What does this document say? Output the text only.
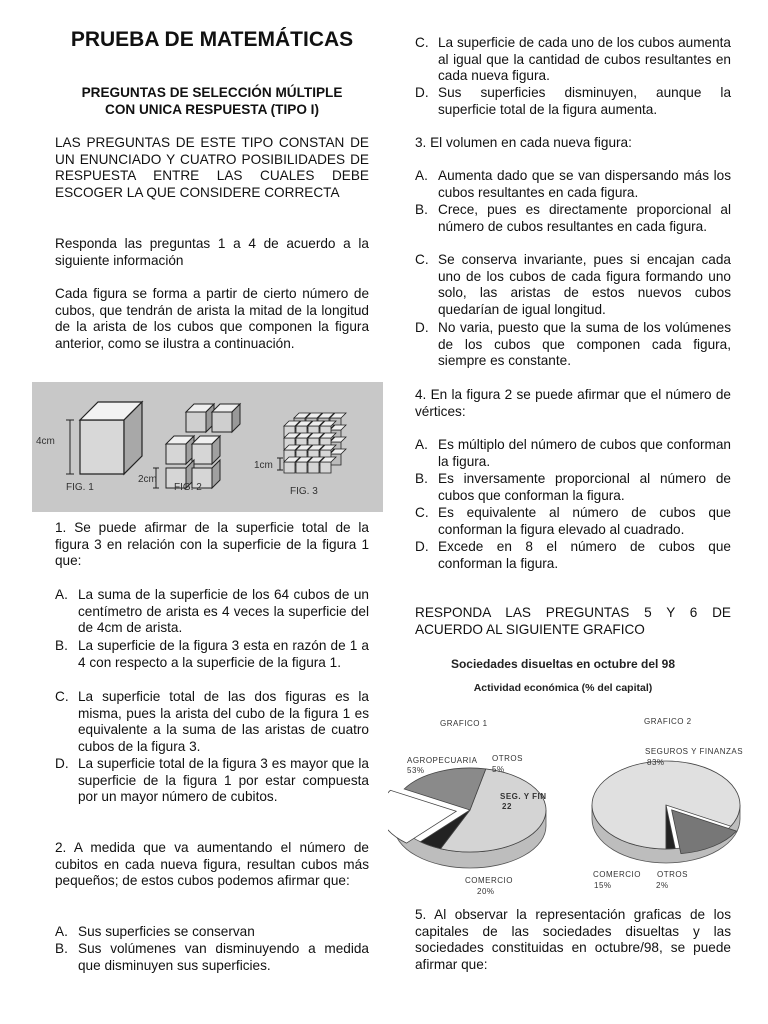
PRUEBA DE MATEMÁTICAS
PREGUNTAS DE SELECCIÓN MÚLTIPLE
CON UNICA RESPUESTA (TIPO I)

LAS PREGUNTAS DE ESTE TIPO CONSTAN DE UN ENUNCIADO Y CUATRO POSIBILIDADES DE RESPUESTA ENTRE LAS CUALES DEBE ESCOGER LA QUE CONSIDERE CORRECTA

Responda las preguntas 1 a 4 de acuerdo a la siguiente información

Cada figura se forma a partir de cierto número de cubos, que tendrán de arista la mitad de la longitud de la arista de los cubos que componen la figura anterior, como se ilustra a continuación.

1. Se puede afirmar de la superficie total de la figura 3 en relación con la superficie de la figura 1 que:

A. La suma de la superficie de los 64 cubos de un centímetro de arista es 4 veces la superficie del de 4cm de arista.
B. La superficie de la figura 3 esta en razón de 1 a 4 con respecto a la superficie de la figura 1.
C. La superficie total de las dos figuras es la misma, pues la arista del cubo de la figura 1 es equivalente a la suma de las aristas de cuatro cubos de la figura 3.
D. La superficie total de la figura 3 es mayor que la superficie de la figura 1 por estar compuesta por un mayor número de cubitos.

2. A medida que va aumentando el número de cubitos en cada nueva figura, resultan cubos más pequeños; de estos cubos podemos afirmar que:

A. Sus superficies se conservan
B. Sus volúmenes van disminuyendo a medida que disminuyen sus superficies.
4cm
2cm
1cm
FIG. 1	FIG. 2	FIG. 3
C. La superficie de cada uno de los cubos aumenta al igual que la cantidad de cubos resultantes en cada nueva figura.
D. Sus superficies disminuyen, aunque la superficie total de la figura aumenta.

3. El volumen en cada nueva figura:

A. Aumenta dado que se van dispersando más los cubos resultantes en cada figura.
B. Crece, pues es directamente proporcional al número de cubos resultantes en cada figura.
C. Se conserva invariante, pues si encajan cada uno de los cubos de cada figura formando uno solo, las aristas de estos nuevos cubos quedarían de igual longitud.
D. No varia, puesto que la suma de los volúmenes de los cubos que componen cada figura, siempre es constante.

4. En la figura 2 se puede afirmar que el número de vértices:

A. Es múltiplo del número de cubos que conforman la figura.
B. Es inversamente proporcional al número de cubos que conforman la figura.
C. Es equivalente al número de cubos que conforman la figura elevado al cuadrado.
D. Excede en 8 el número de cubos que conforman la figura.

RESPONDA LAS PREGUNTAS 5 Y 6 DE ACUERDO AL SIGUIENTE GRAFICO

5. Al observar la representación graficas de los capitales de las sociedades disueltas y las sociedades constituidas en octubre/98, se puede afirmar que:

Sociedades disueltas en octubre del 98
Actividad económica (% del capital)
GRAFICO 1	GRAFICO 2
AGROPECUARIA
53%
OTROS
5%
SEG. Y FIN
22
COMERCIO
20%
SEGUROS Y FINANZAS
83%
COMERCIO
15%
OTROS
2%
